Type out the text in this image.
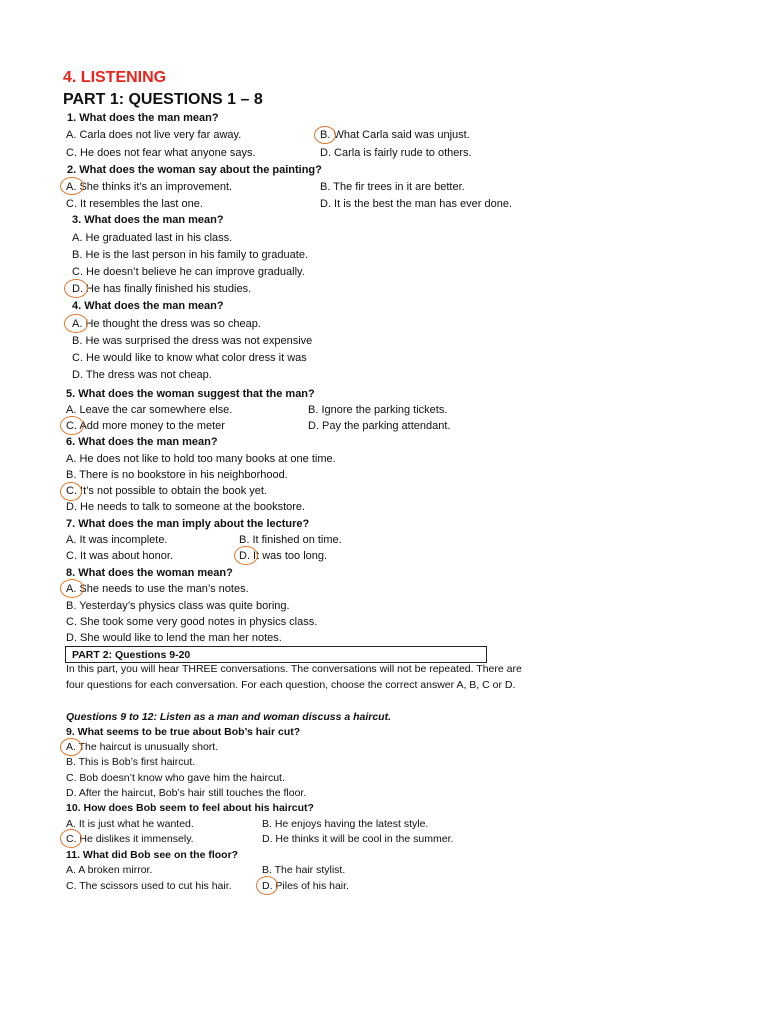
4. LISTENING
PART 1: QUESTIONS 1 – 8
1. What does the man mean?
A. Carla does not live very far away.	B. What Carla said was unjust.
C. He does not fear what anyone says.	D. Carla is fairly rude to others.
2. What does the woman say about the painting?
A. She thinks it’s an improvement.	B. The fir trees in it are better.
C. It resembles the last one.	D. It is the best the man has ever done.
3. What does the man mean?
A. He graduated last in his class.
B. He is the last person in his family to graduate.
C. He doesn’t believe he can improve gradually.
D. He has finally finished his studies.
4. What does the man mean?
A. He thought the dress was so cheap.
B. He was surprised the dress was not expensive
C. He would like to know what color dress it was
D. The dress was not cheap.
5. What does the woman suggest that the man?
A. Leave the car somewhere else.	B. Ignore the parking tickets.
C. Add more money to the meter	D. Pay the parking attendant.
6. What does the man mean?
A. He does not like to hold too many books at one time.
B. There is no bookstore in his neighborhood.
C. It’s not possible to obtain the book yet.
D. He needs to talk to someone at the bookstore.
7. What does the man imply about the lecture?
A. It was incomplete.	B. It finished on time.
C. It was about honor.	D. It was too long.
8. What does the woman mean?
A. She needs to use the man’s notes.
B. Yesterday’s physics class was quite boring.
C. She took some very good notes in physics class.
D. She would like to lend the man her notes.
PART 2: Questions 9-20
In this part, you will hear THREE conversations. The conversations will not be repeated. There are four questions for each conversation. For each question, choose the correct answer A, B, C or D.
Questions 9 to 12: Listen as a man and woman discuss a haircut.
9. What seems to be true about Bob’s hair cut?
A. The haircut is unusually short.
B. This is Bob’s first haircut.
C. Bob doesn’t know who gave him the haircut.
D. After the haircut, Bob’s hair still touches the floor.
10. How does Bob seem to feel about his haircut?
A. It is just what he wanted.	B. He enjoys having the latest style.
C. He dislikes it immensely.	D. He thinks it will be cool in the summer.
11. What did Bob see on the floor?
A. A broken mirror.	B. The hair stylist.
C. The scissors used to cut his hair.	D. Piles of his hair.
